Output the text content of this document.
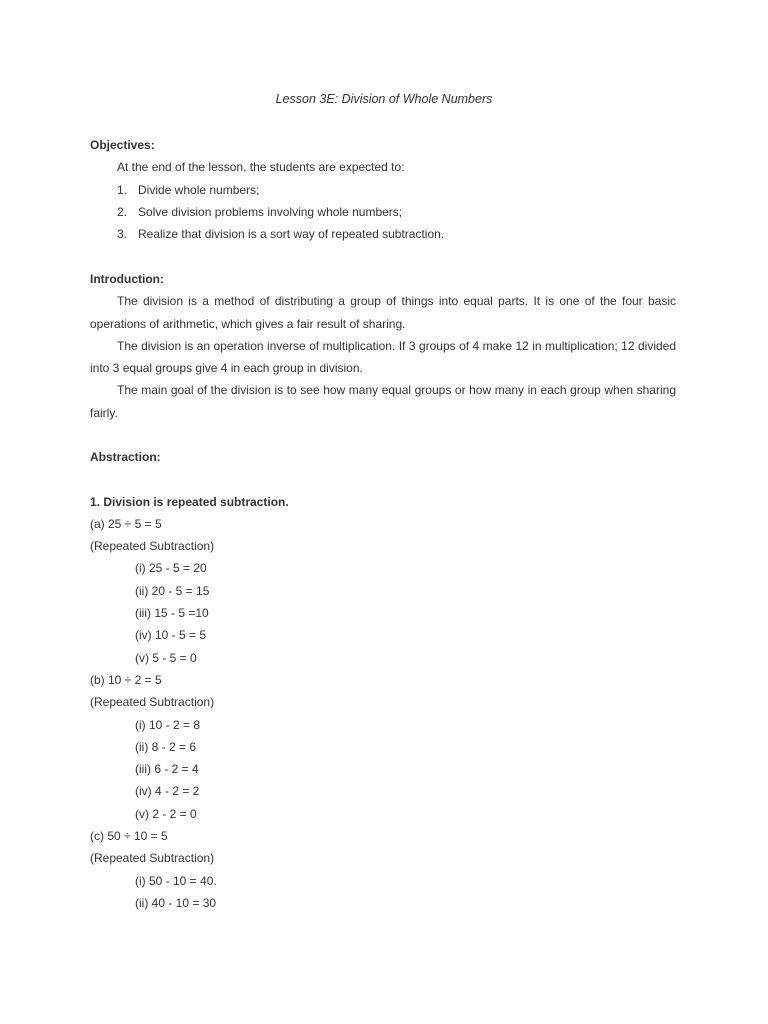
Lesson 3E: Division of Whole Numbers
Objectives:
At the end of the lesson, the students are expected to:
1. Divide whole numbers;
2. Solve division problems involving whole numbers;
3. Realize that division is a sort way of repeated subtraction.
Introduction:
The division is a method of distributing a group of things into equal parts. It is one of the four basic operations of arithmetic, which gives a fair result of sharing.
The division is an operation inverse of multiplication. If 3 groups of 4 make 12 in multiplication; 12 divided into 3 equal groups give 4 in each group in division.
The main goal of the division is to see how many equal groups or how many in each group when sharing fairly.
Abstraction:
1. Division is repeated subtraction.
(a) 25 ÷ 5 = 5
(Repeated Subtraction)
(i) 25 - 5 = 20
(ii) 20 - 5 = 15
(iii) 15 - 5 =10
(iv) 10 - 5 = 5
(v) 5 - 5 = 0
(b) 10 ÷ 2 = 5
(Repeated Subtraction)
(i) 10 - 2 = 8
(ii) 8 - 2 = 6
(iii) 6 - 2 = 4
(iv) 4 - 2 = 2
(v) 2 - 2 = 0
(c) 50 ÷ 10 = 5
(Repeated Subtraction)
(i) 50 - 10 = 40.
(ii) 40 - 10 = 30
